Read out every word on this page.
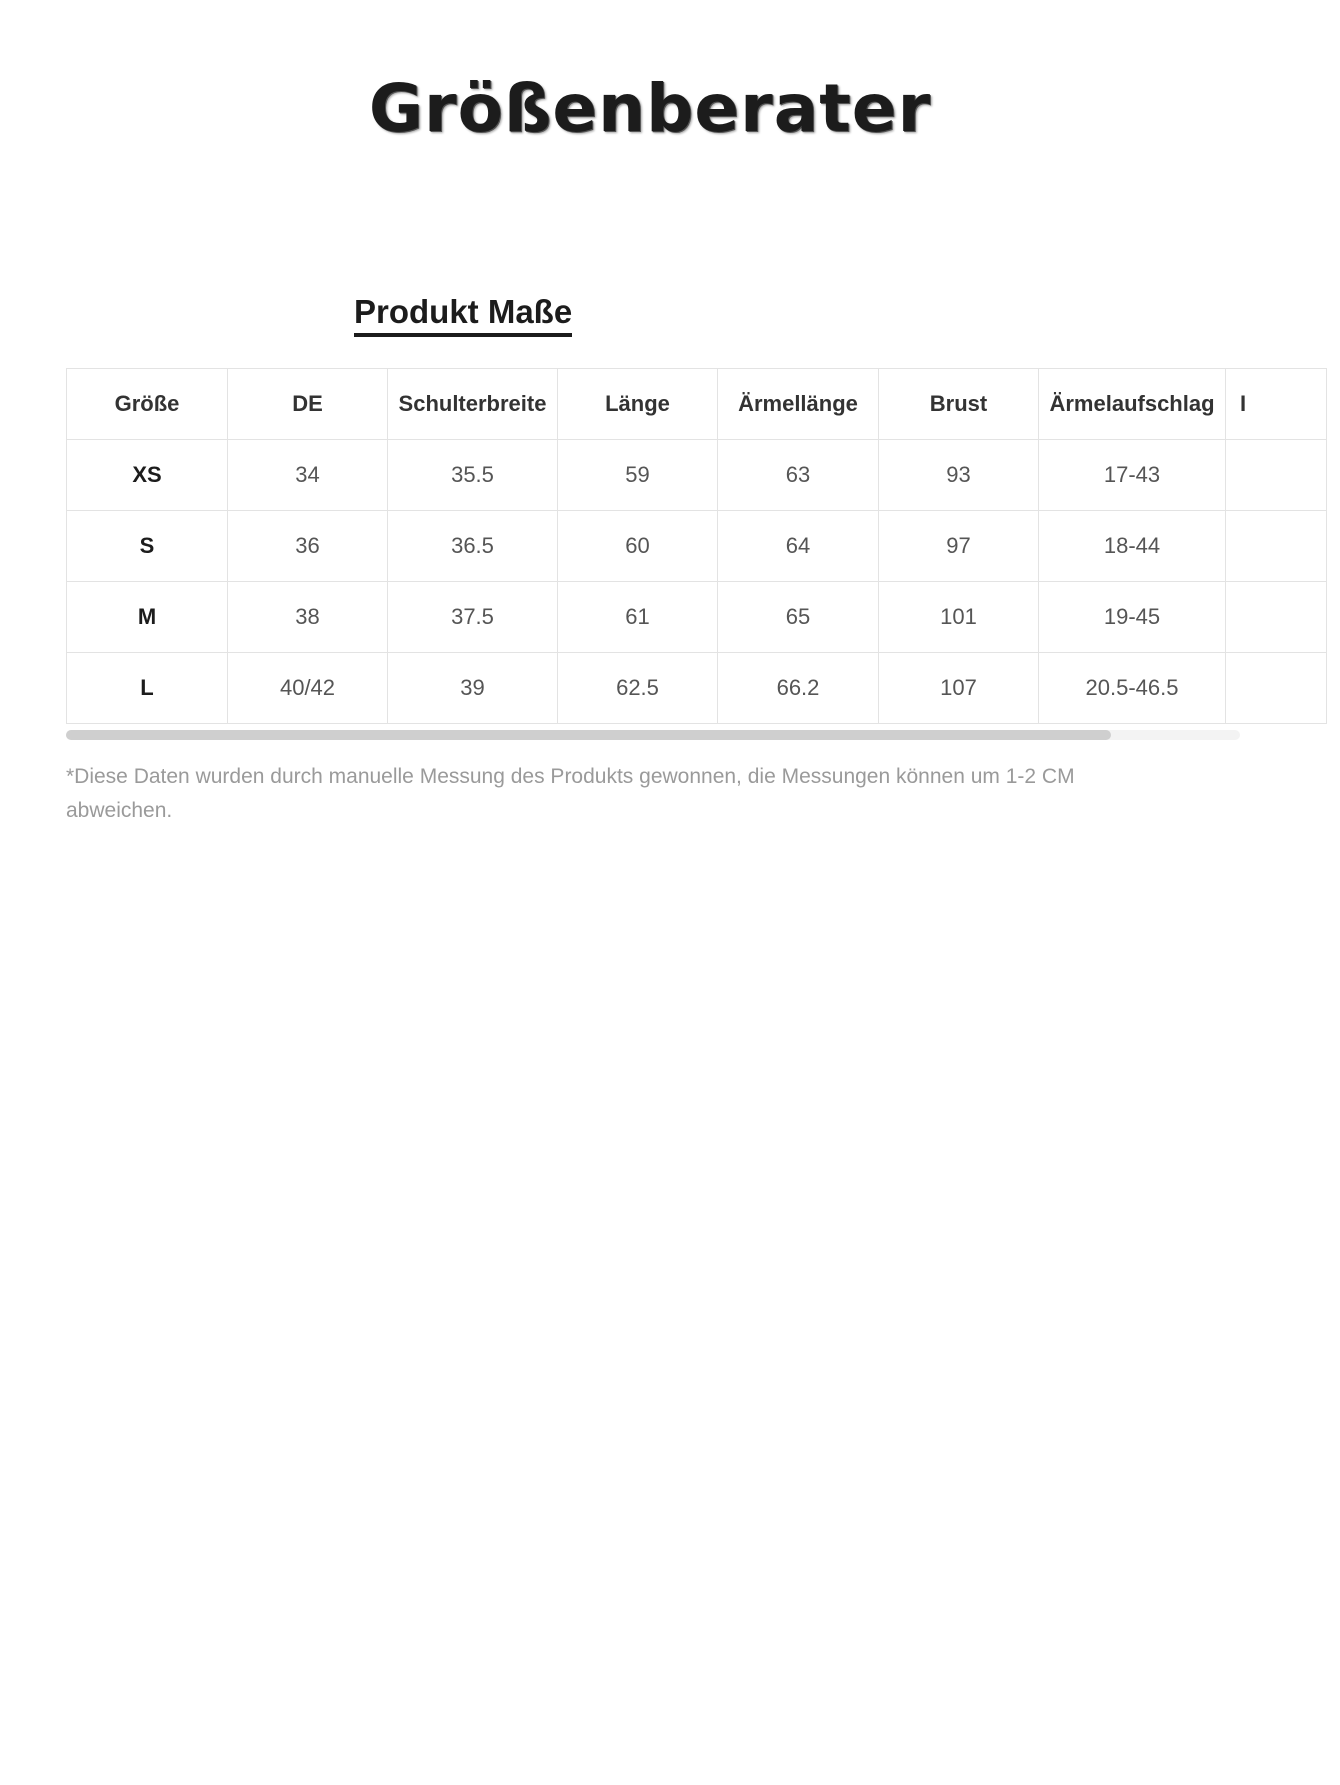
Größenberater
Produkt Maße
Größe	DE	Schulterbreite	Länge	Ärmellänge	Brust	Ärmelaufschlag	I
XS	34	35.5	59	63	93	17-43	
S	36	36.5	60	64	97	18-44	
M	38	37.5	61	65	101	19-45	
L	40/42	39	62.5	66.2	107	20.5-46.5	

*Diese Daten wurden durch manuelle Messung des Produkts gewonnen, die Messungen können um 1-2 CM abweichen.
